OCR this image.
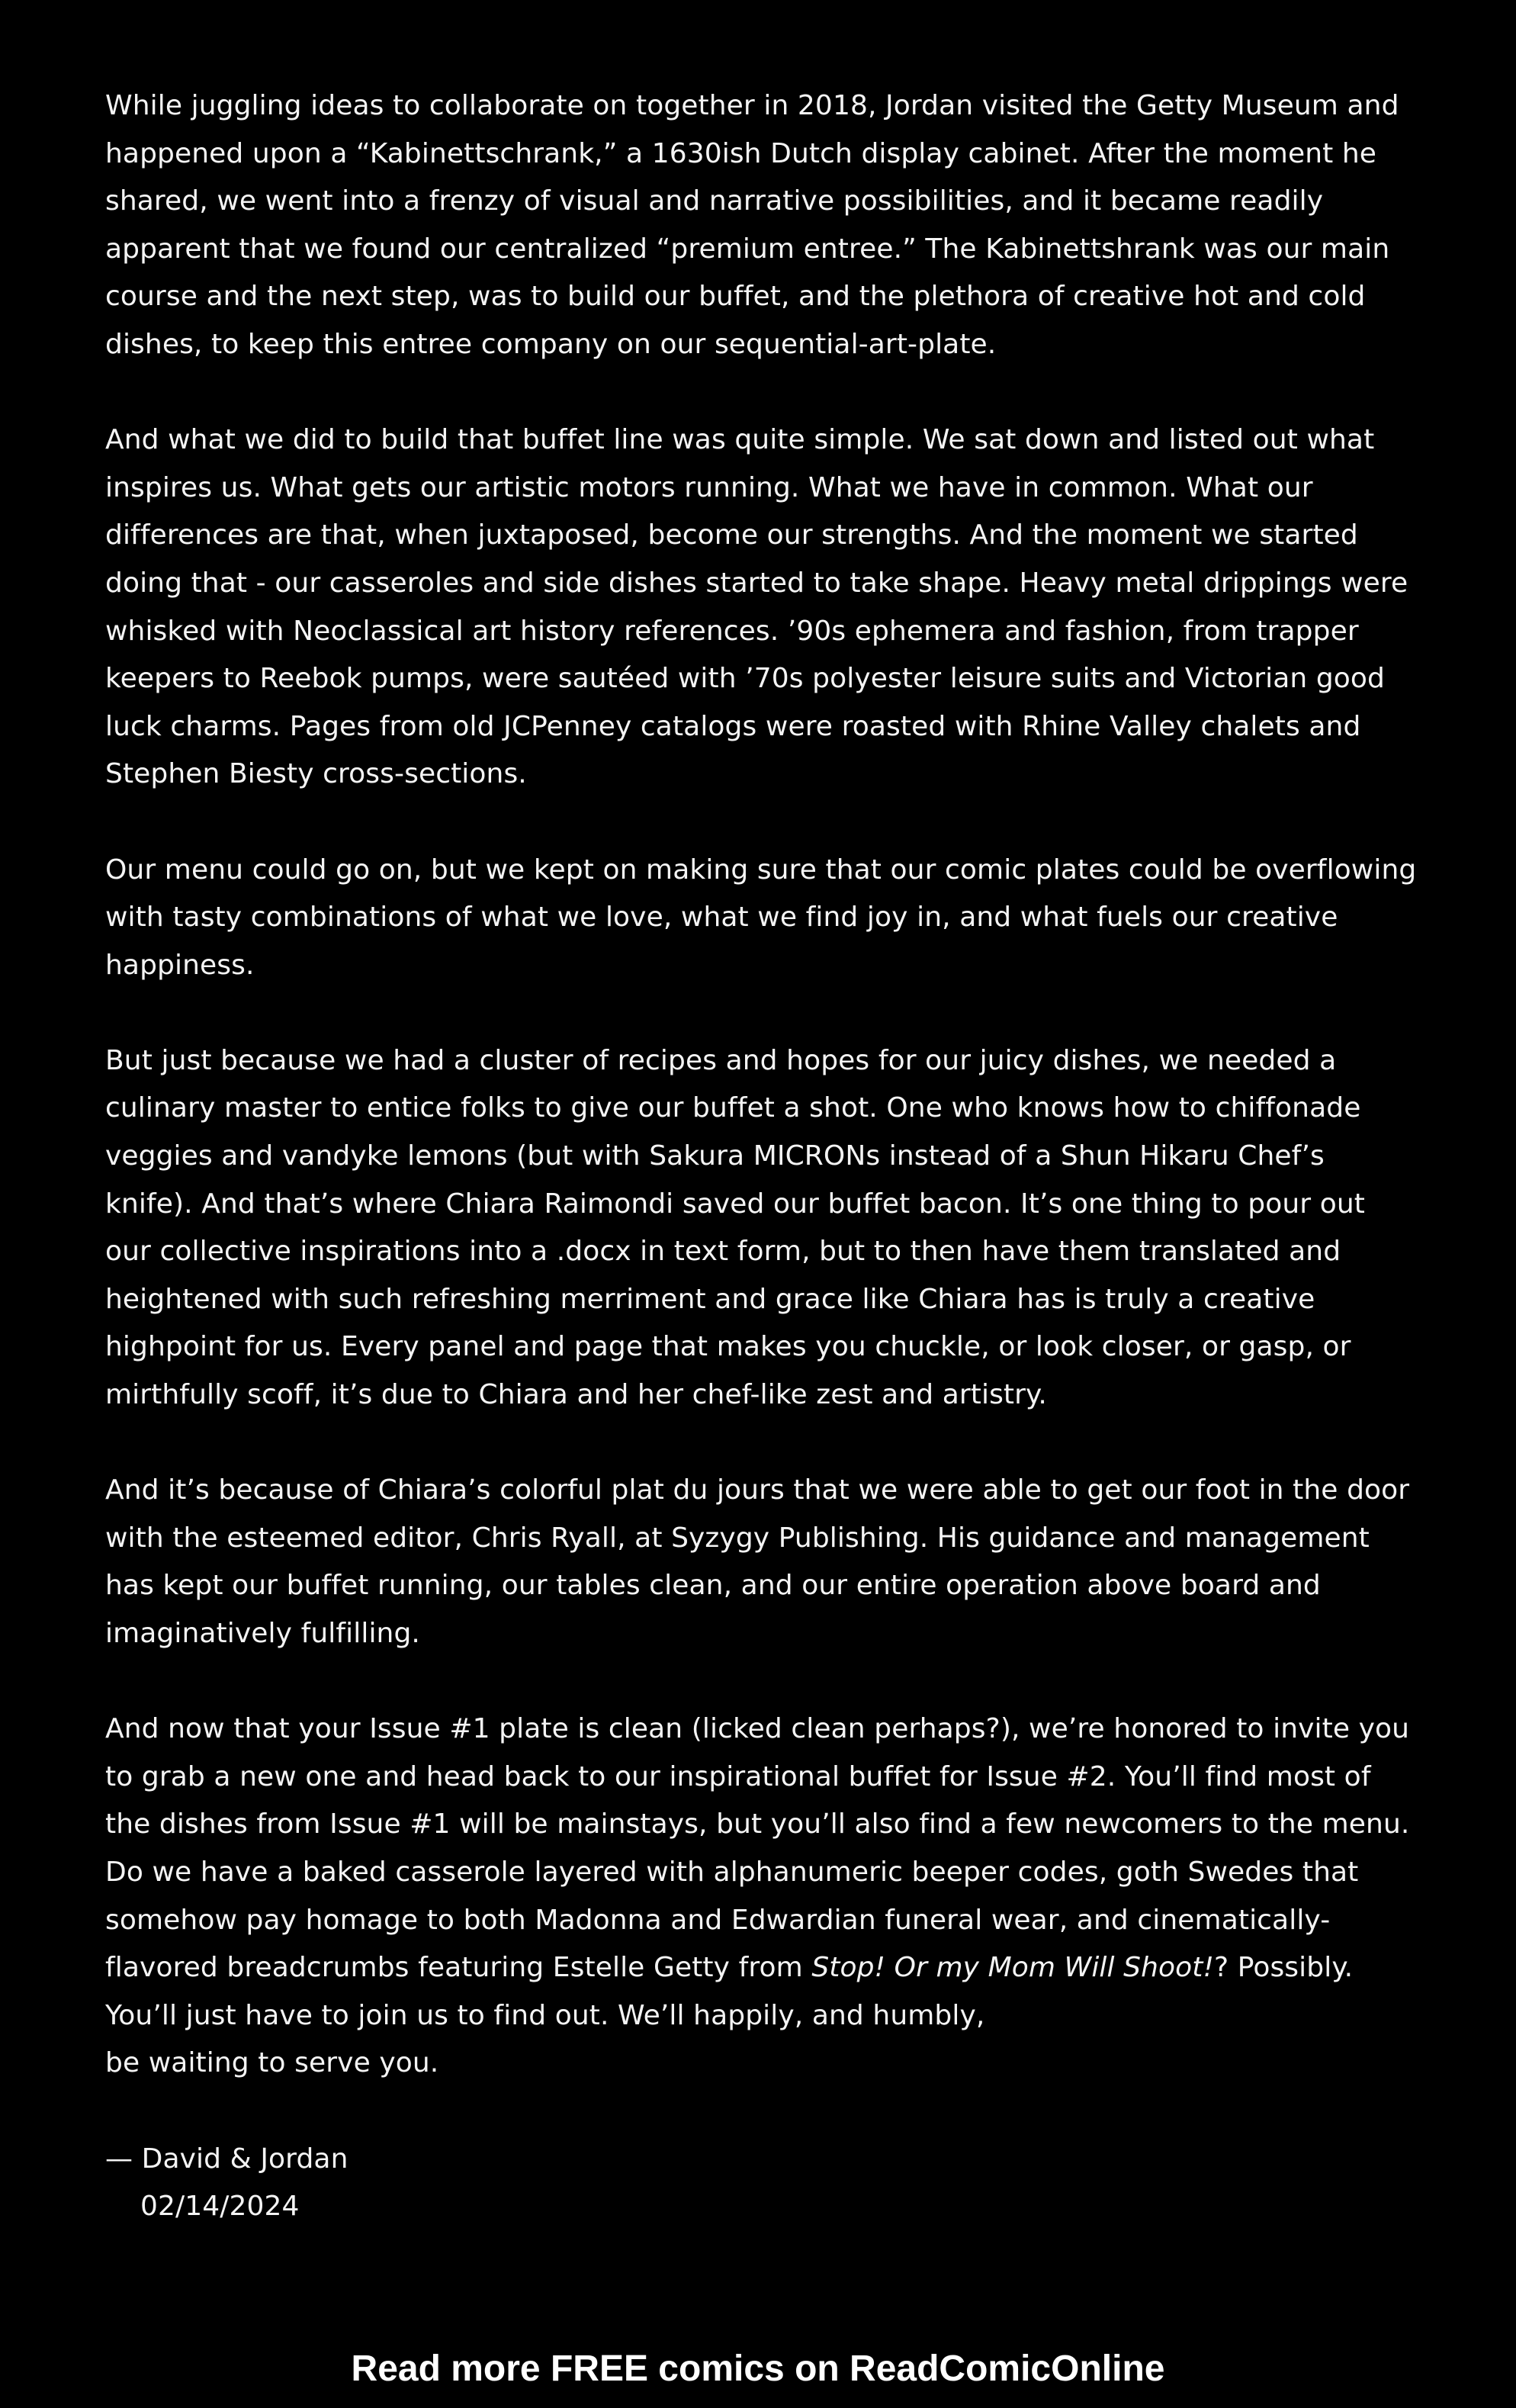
While juggling ideas to collaborate on together in 2018, Jordan visited the Getty Museum and happened upon a “Kabinettschrank,” a 1630ish Dutch display cabinet. After the moment he shared, we went into a frenzy of visual and narrative possibilities, and it became readily apparent that we found our centralized “premium entree.” The Kabinettshrank was our main course and the next step, was to build our buffet, and the plethora of creative hot and cold dishes, to keep this entree company on our sequential-art-plate.

And what we did to build that buffet line was quite simple. We sat down and listed out what inspires us. What gets our artistic motors running. What we have in common. What our differences are that, when juxtaposed, become our strengths. And the moment we started doing that - our casseroles and side dishes started to take shape. Heavy metal drippings were whisked with Neoclassical art history references. ’90s ephemera and fashion, from trapper keepers to Reebok pumps, were sautéed with ’70s polyester leisure suits and Victorian good luck charms. Pages from old JCPenney catalogs were roasted with Rhine Valley chalets and Stephen Biesty cross-sections.

Our menu could go on, but we kept on making sure that our comic plates could be overflowing with tasty combinations of what we love, what we find joy in, and what fuels our creative happiness.

But just because we had a cluster of recipes and hopes for our juicy dishes, we needed a culinary master to entice folks to give our buffet a shot. One who knows how to chiffonade veggies and vandyke lemons (but with Sakura MICRONs instead of a Shun Hikaru Chef’s knife). And that’s where Chiara Raimondi saved our buffet bacon. It’s one thing to pour out our collective inspirations into a .docx in text form, but to then have them translated and heightened with such refreshing merriment and grace like Chiara has is truly a creative highpoint for us. Every panel and page that makes you chuckle, or look closer, or gasp, or mirthfully scoff, it’s due to Chiara and her chef-like zest and artistry.

And it’s because of Chiara’s colorful plat du jours that we were able to get our foot in the door with the esteemed editor, Chris Ryall, at Syzygy Publishing. His guidance and management has kept our buffet running, our tables clean, and our entire operation above board and imaginatively fulfilling.

And now that your Issue #1 plate is clean (licked clean perhaps?), we’re honored to invite you to grab a new one and head back to our inspirational buffet for Issue #2. You’ll find most of the dishes from Issue #1 will be mainstays, but you’ll also find a few newcomers to the menu. Do we have a baked casserole layered with alphanumeric beeper codes, goth Swedes that somehow pay homage to both Madonna and Edwardian funeral wear, and cinematically-flavored breadcrumbs featuring Estelle Getty from Stop! Or my Mom Will Shoot!? Possibly. You’ll just have to join us to find out. We’ll happily, and humbly,
be waiting to serve you.

— David & Jordan

02/14/2024

Read more FREE comics on ReadComicOnline
